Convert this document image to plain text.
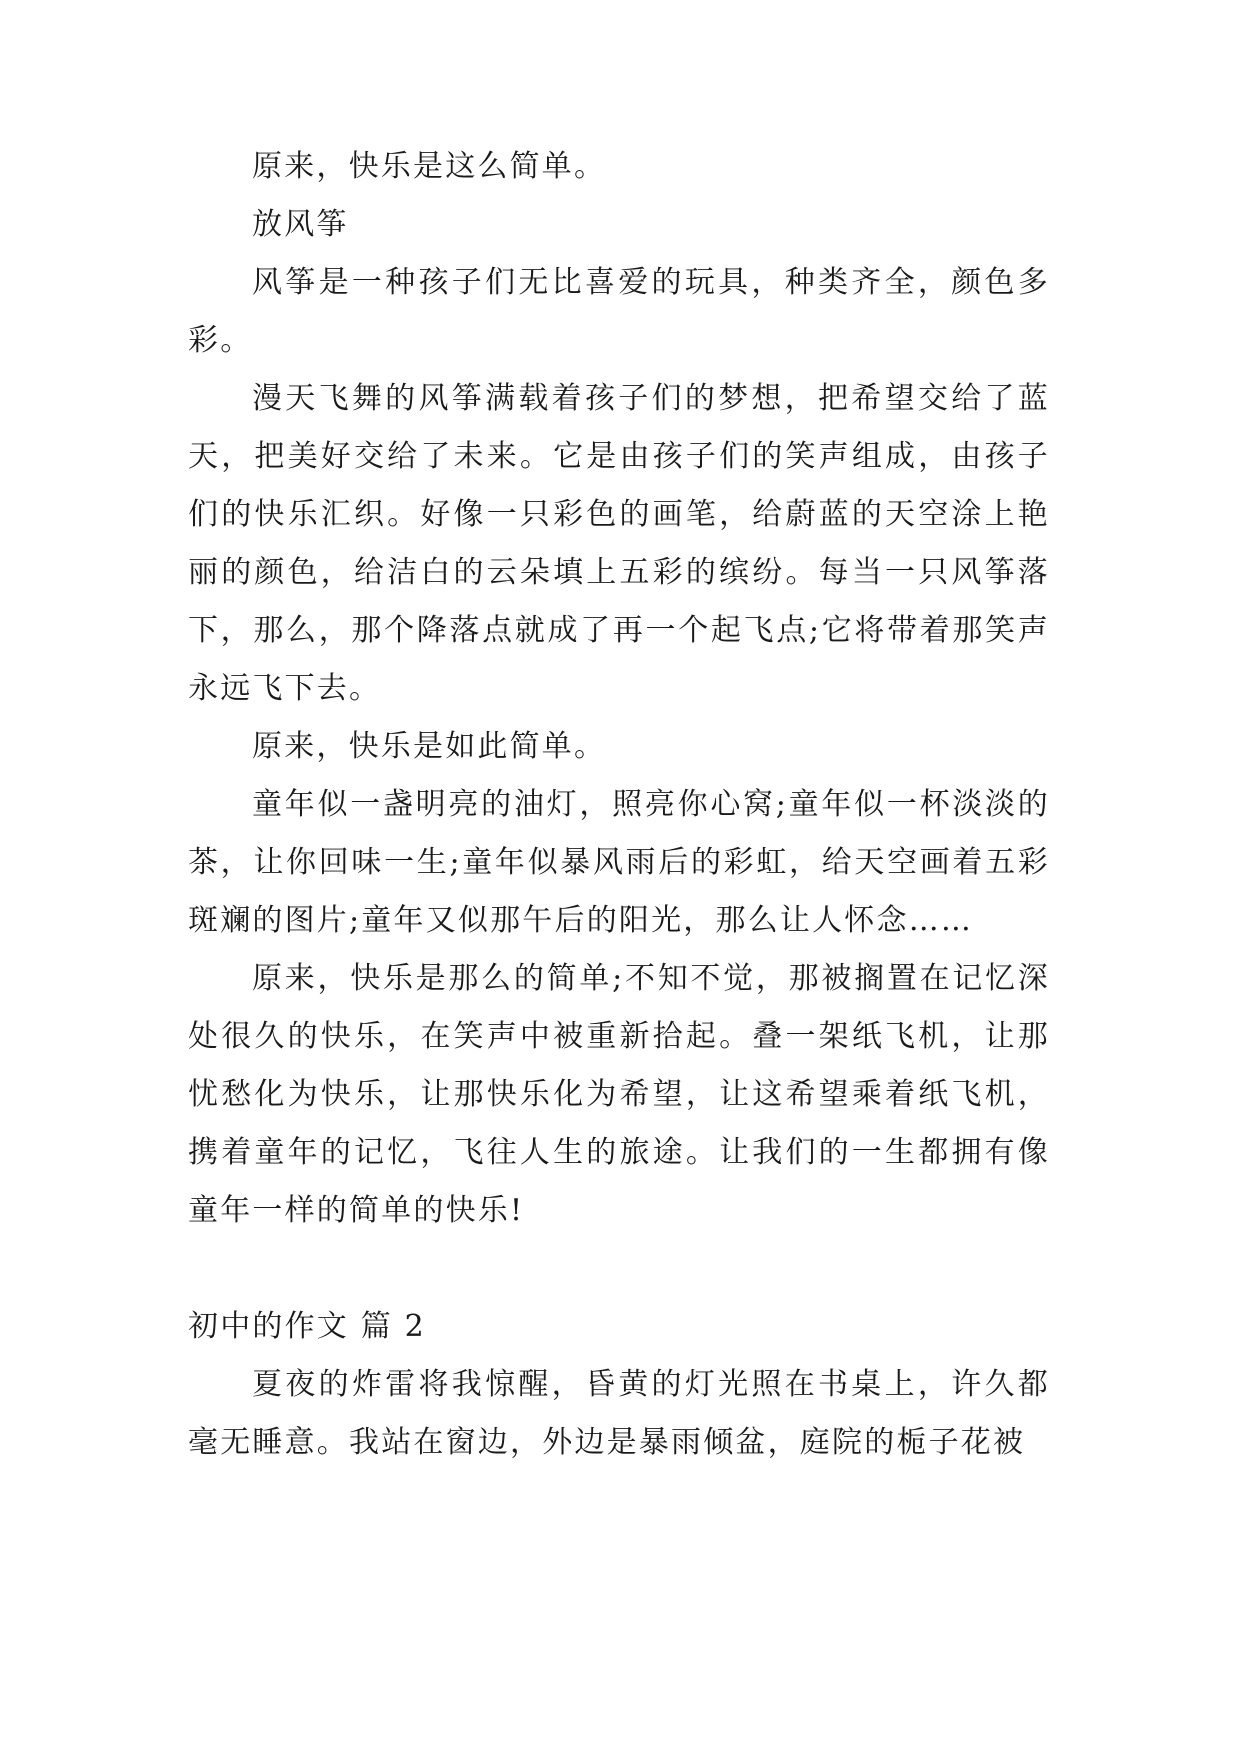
原来，快乐是这么简单。

放风筝

风筝是一种孩子们无比喜爱的玩具，种类齐全，颜色多彩。

漫天飞舞的风筝满载着孩子们的梦想，把希望交给了蓝天，把美好交给了未来。它是由孩子们的笑声组成，由孩子们的快乐汇织。好像一只彩色的画笔，给蔚蓝的天空涂上艳丽的颜色，给洁白的云朵填上五彩的缤纷。每当一只风筝落下，那么，那个降落点就成了再一个起飞点;它将带着那笑声永远飞下去。

原来，快乐是如此简单。

童年似一盏明亮的油灯，照亮你心窝;童年似一杯淡淡的茶，让你回味一生;童年似暴风雨后的彩虹，给天空画着五彩斑斓的图片;童年又似那午后的阳光，那么让人怀念……

原来，快乐是那么的简单;不知不觉，那被搁置在记忆深处很久的快乐，在笑声中被重新拾起。叠一架纸飞机，让那忧愁化为快乐，让那快乐化为希望，让这希望乘着纸飞机，携着童年的记忆，飞往人生的旅途。让我们的一生都拥有像童年一样的简单的快乐!

初中的作文 篇 2

夏夜的炸雷将我惊醒，昏黄的灯光照在书桌上，许久都毫无睡意。我站在窗边，外边是暴雨倾盆，庭院的栀子花被
